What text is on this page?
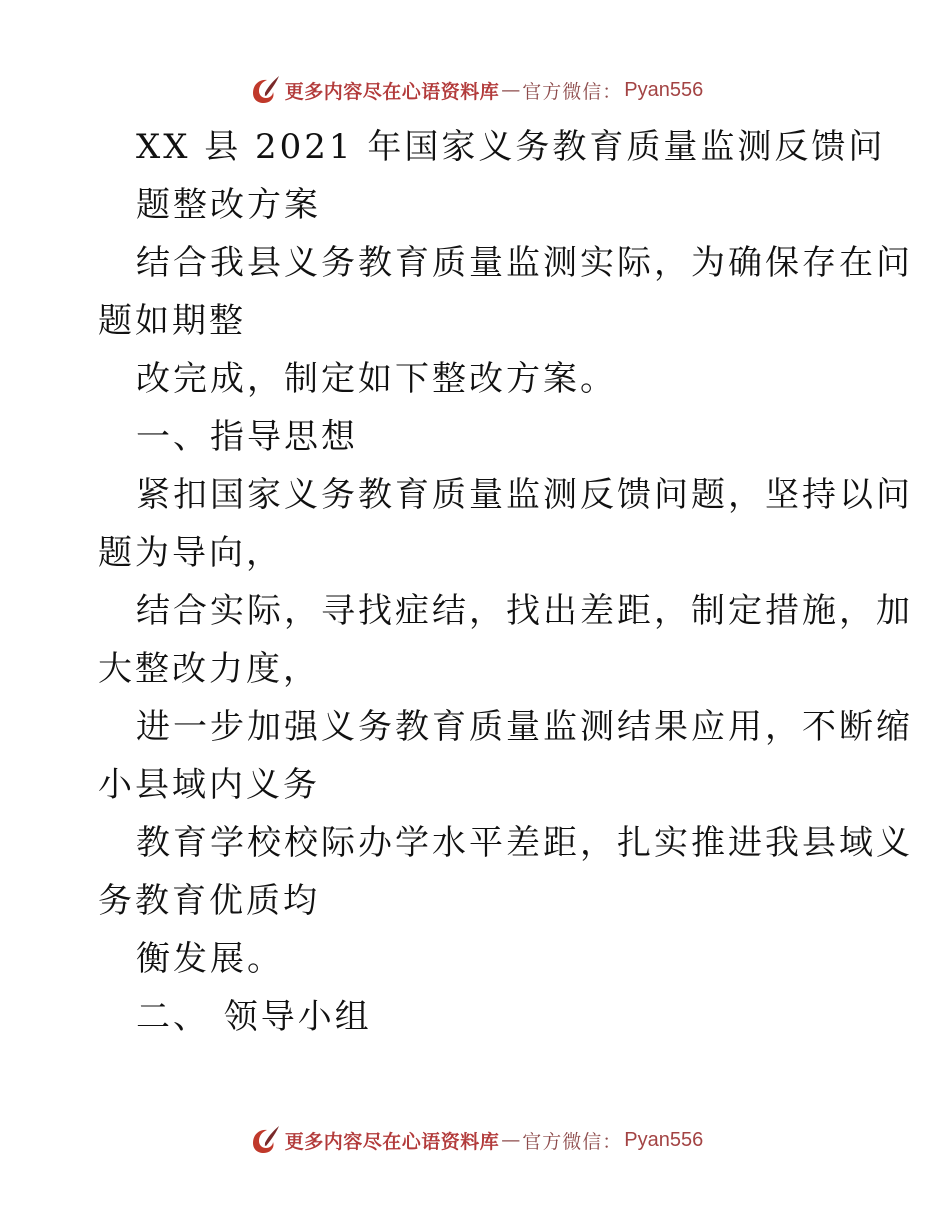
更多内容尽在心语资料库 — 官方微信： Pyan556
XX 县 2021 年国家义务教育质量监测反馈问
题整改方案
结合我县义务教育质量监测实际，为确保存在问
题如期整
改完成，制定如下整改方案。
一、指导思想
紧扣国家义务教育质量监测反馈问题，坚持以问
题为导向，
结合实际，寻找症结，找出差距，制定措施，加
大整改力度，
进一步加强义务教育质量监测结果应用，不断缩
小县域内义务
教育学校校际办学水平差距，扎实推进我县域义
务教育优质均
衡发展。
二、 领导小组
更多内容尽在心语资料库 — 官方微信： Pyan556
